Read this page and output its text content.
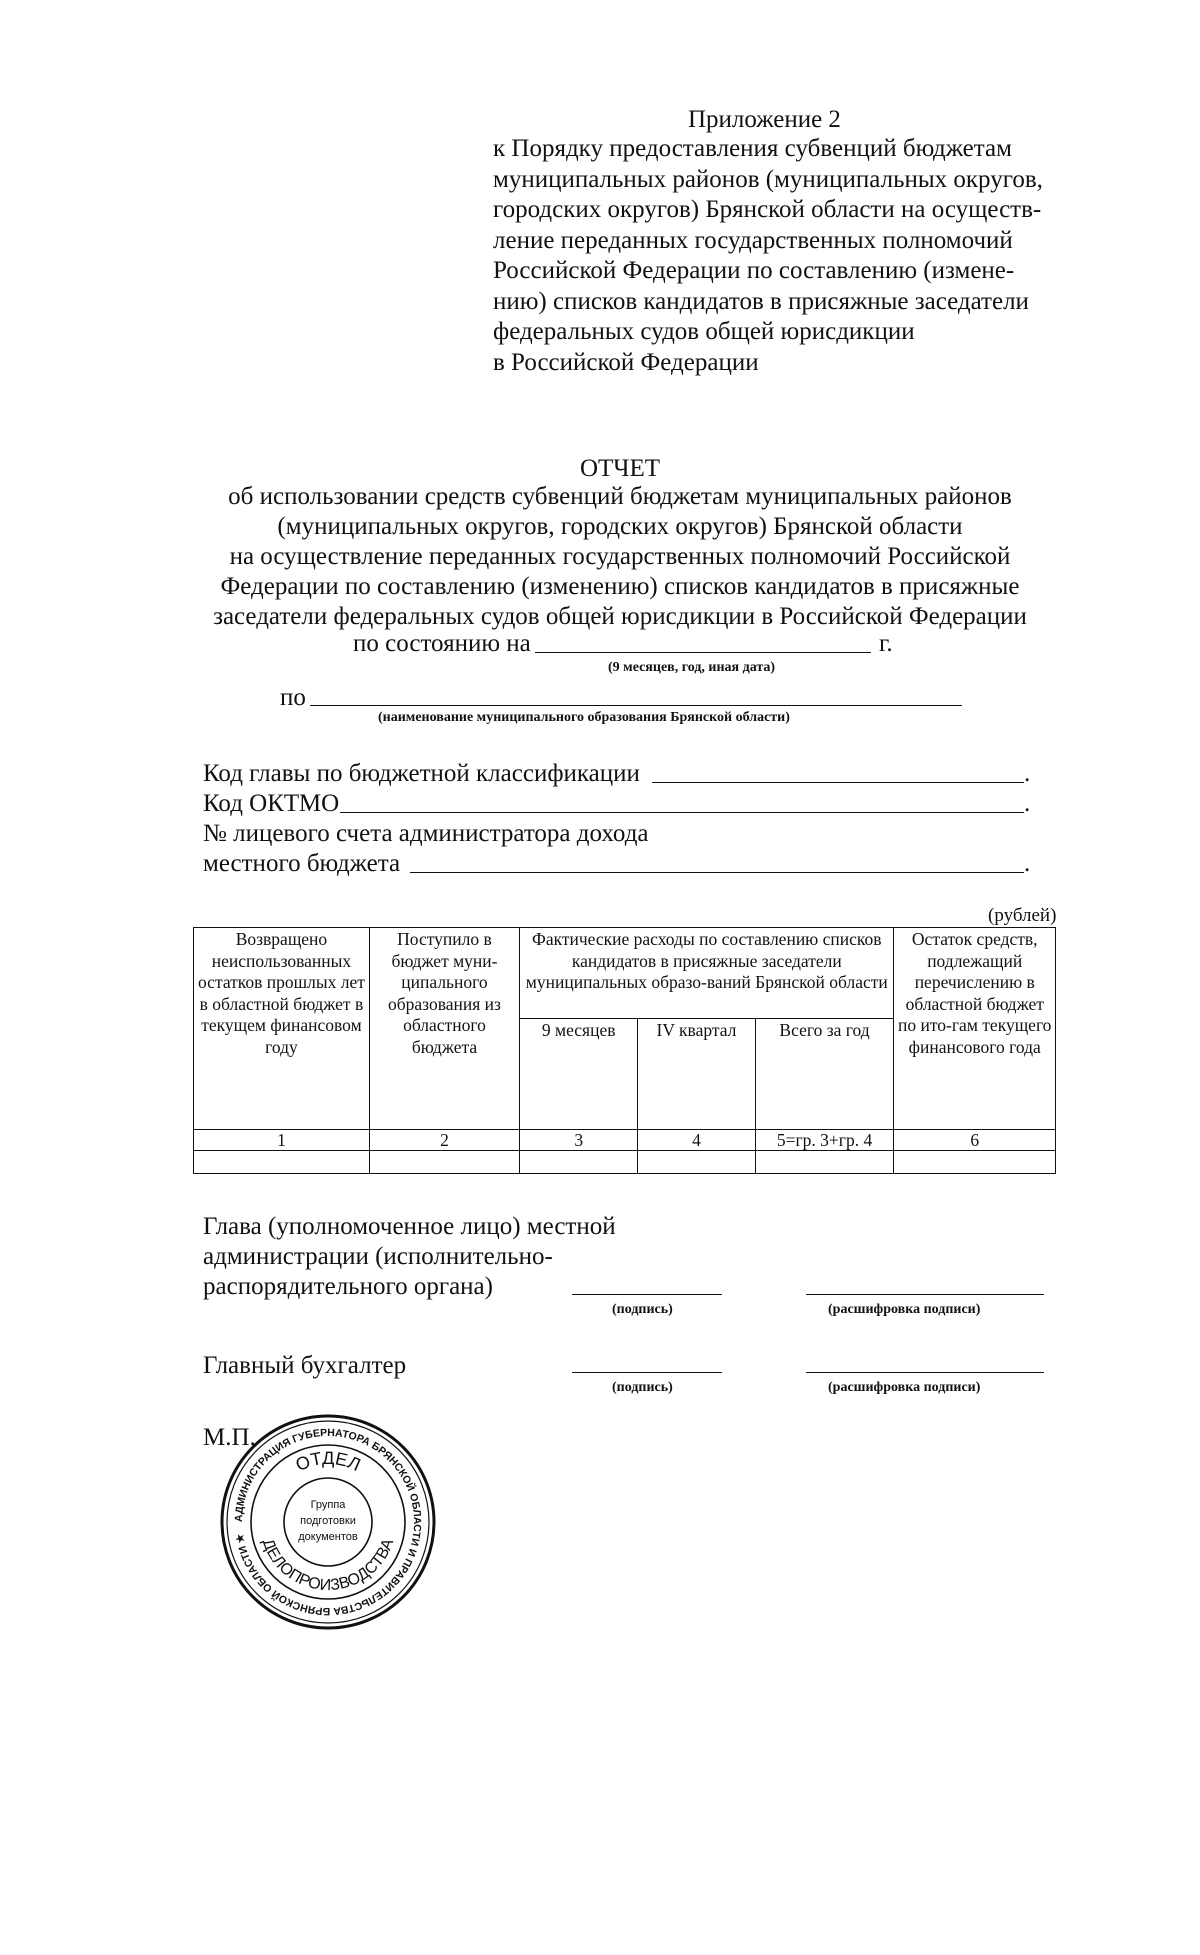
Приложение 2
к Порядку предоставления субвенций бюджетам
муниципальных районов (муниципальных округов,
городских округов) Брянской области на осуществ-
ление переданных государственных полномочий
Российской Федерации по составлению (измене-
нию) списков кандидатов в присяжные заседатели
федеральных судов общей юрисдикции
в Российской Федерации
ОТЧЕТ
об использовании средств субвенций бюджетам муниципальных районов
(муниципальных округов, городских округов) Брянской области
на осуществление переданных государственных полномочий Российской
Федерации по составлению (изменению) списков кандидатов в присяжные
заседатели федеральных судов общей юрисдикции в Российской Федерации
по состоянию на	г.
(9 месяцев, год, иная дата)
по
(наименование муниципального образования Брянской области)
Код главы по бюджетной классификации	.
Код ОКТМО	.
№ лицевого счета администратора дохода
местного бюджета	.
(рублей)
Возвращено неиспользованных остатков прошлых лет в областной бюджет в текущем финансовом году	Поступило в бюджет муни-ципального образования из областного бюджета	Фактические расходы по составлению списков кандидатов в присяжные заседатели муниципальных образо-ваний Брянской области			Остаток средств, подлежащий перечислению в областной бюджет по ито-гам текущего финансового года
		9 месяцев	IV квартал	Всего за год	
1	2	3	4	5=гр. 3+гр. 4	6

Глава (уполномоченное лицо) местной
администрации (исполнительно-
распорядительного органа)
(подпись)	(расшифровка подписи)
Главный бухгалтер
(подпись)	(расшифровка подписи)
М.П.
АДМИНИСТРАЦИЯ ГУБЕРНАТОРА БРЯНСКОЙ ОБЛАСТИ И ПРАВИТЕЛЬСТВА БРЯНСКОЙ ОБЛАСТИ ★
ОТДЕЛ
ДЕЛОПРОИЗВОДСТВА
Группа
подготовки
документов
